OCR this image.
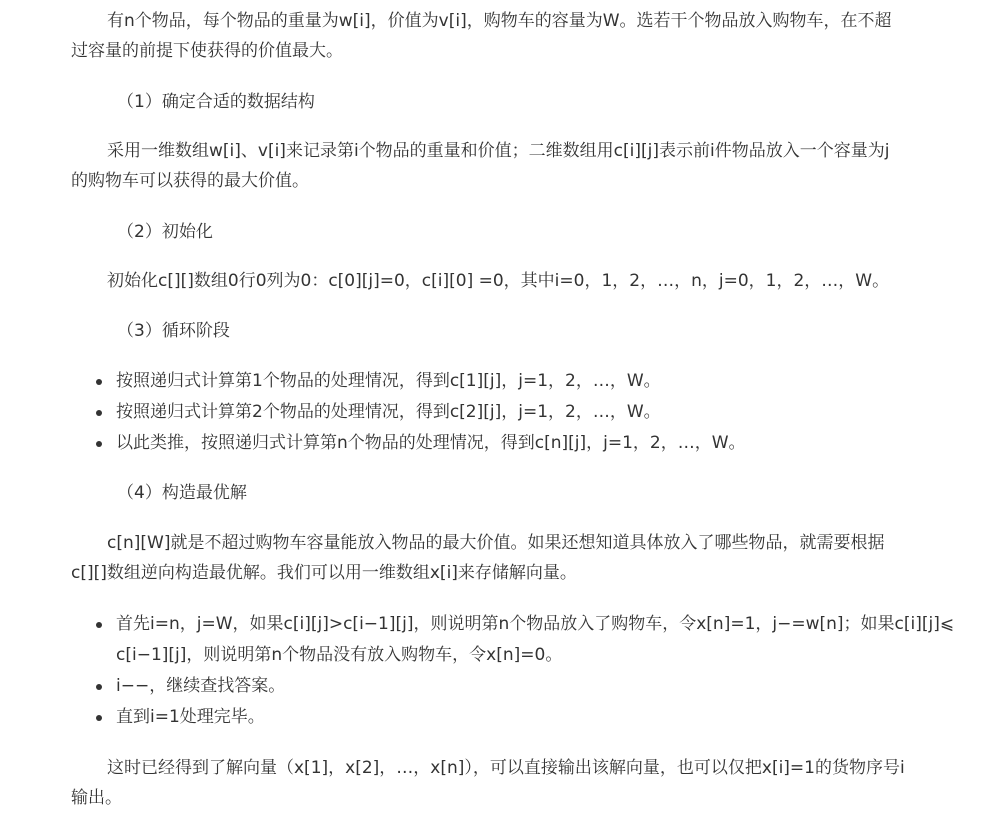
有n个物品，每个物品的重量为w[i]，价值为v[i]，购物车的容量为W。选若干个物品放入购物车，在不超
过容量的前提下使获得的价值最大。

（1）确定合适的数据结构

采用一维数组w[i]、v[i]来记录第i个物品的重量和价值；二维数组用c[i][j]表示前i件物品放入一个容量为j
的购物车可以获得的最大价值。

（2）初始化

初始化c[][]数组0行0列为0：c[0][j]=0，c[i][0] =0，其中i=0，1，2，…，n，j=0，1，2，…，W。

（3）循环阶段

按照递归式计算第1个物品的处理情况，得到c[1][j]，j=1，2，…，W。
按照递归式计算第2个物品的处理情况，得到c[2][j]，j=1，2，…，W。
以此类推，按照递归式计算第n个物品的处理情况，得到c[n][j]，j=1，2，…，W。

（4）构造最优解

c[n][W]就是不超过购物车容量能放入物品的最大价值。如果还想知道具体放入了哪些物品，就需要根据
c[][]数组逆向构造最优解。我们可以用一维数组x[i]来存储解向量。

首先i=n，j=W，如果c[i][j]>c[i−1][j]，则说明第n个物品放入了购物车，令x[n]=1，j−=w[n]；如果c[i][j]⩽
c[i−1][j]，则说明第n个物品没有放入购物车，令x[n]=0。
i−−，继续查找答案。
直到i=1处理完毕。

这时已经得到了解向量（x[1]，x[2]，…，x[n]），可以直接输出该解向量，也可以仅把x[i]=1的货物序号i
输出。
